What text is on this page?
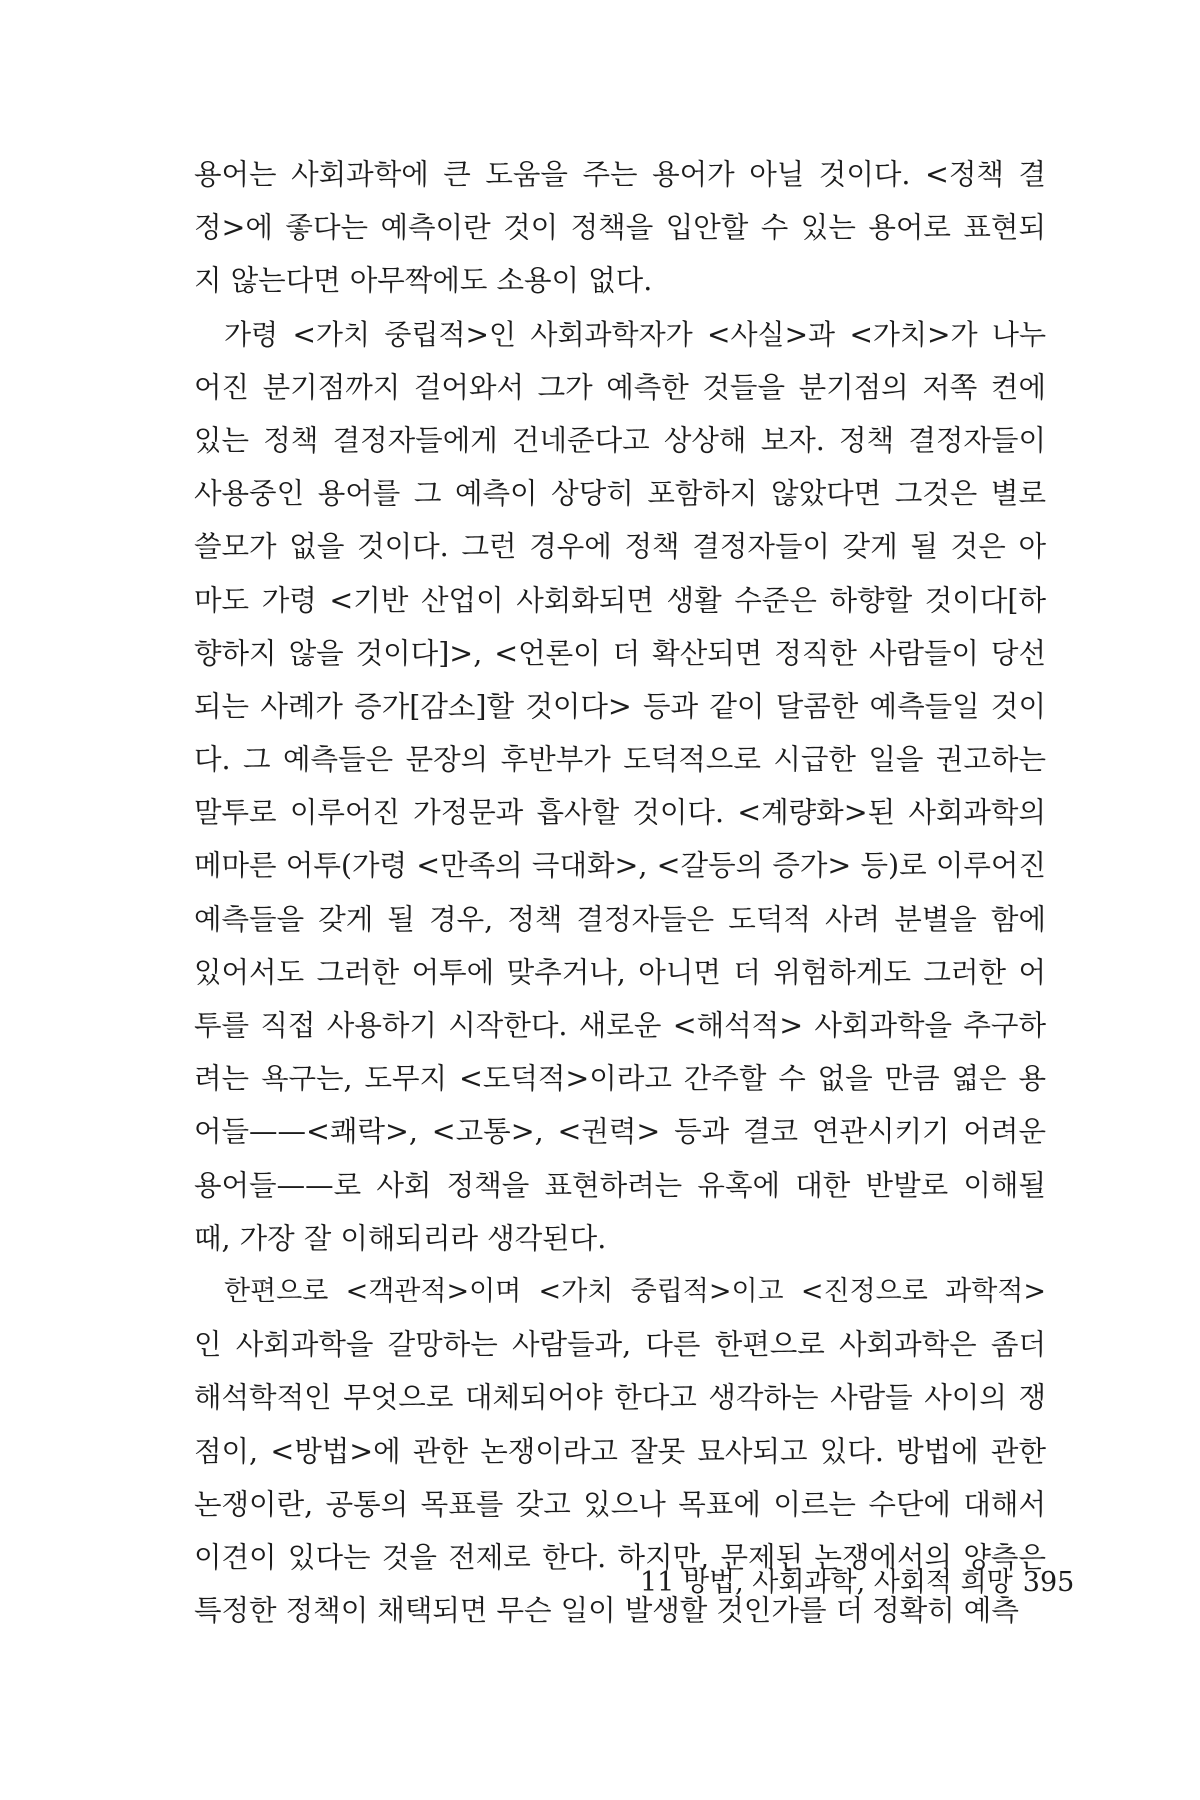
용어는 사회과학에 큰 도움을 주는 용어가 아닐 것이다. <정책 결
정>에 좋다는 예측이란 것이 정책을 입안할 수 있는 용어로 표현되
지 않는다면 아무짝에도 소용이 없다.
가령 <가치 중립적>인 사회과학자가 <사실>과 <가치>가 나누
어진 분기점까지 걸어와서 그가 예측한 것들을 분기점의 저쪽 켠에
있는 정책 결정자들에게 건네준다고 상상해 보자. 정책 결정자들이
사용중인 용어를 그 예측이 상당히 포함하지 않았다면 그것은 별로
쓸모가 없을 것이다. 그런 경우에 정책 결정자들이 갖게 될 것은 아
마도 가령 <기반 산업이 사회화되면 생활 수준은 하향할 것이다[하
향하지 않을 것이다]>, <언론이 더 확산되면 정직한 사람들이 당선
되는 사례가 증가[감소]할 것이다> 등과 같이 달콤한 예측들일 것이
다. 그 예측들은 문장의 후반부가 도덕적으로 시급한 일을 권고하는
말투로 이루어진 가정문과 흡사할 것이다. <계량화>된 사회과학의
메마른 어투(가령 <만족의 극대화>, <갈등의 증가> 등)로 이루어진
예측들을 갖게 될 경우, 정책 결정자들은 도덕적 사려 분별을 함에
있어서도 그러한 어투에 맞추거나, 아니면 더 위험하게도 그러한 어
투를 직접 사용하기 시작한다. 새로운 <해석적> 사회과학을 추구하
려는 욕구는, 도무지 <도덕적>이라고 간주할 수 없을 만큼 엷은 용
어들——<쾌락>, <고통>, <권력> 등과 결코 연관시키기 어려운
용어들——로 사회 정책을 표현하려는 유혹에 대한 반발로 이해될
때, 가장 잘 이해되리라 생각된다.
한편으로 <객관적>이며 <가치 중립적>이고 <진정으로 과학적>
인 사회과학을 갈망하는 사람들과, 다른 한편으로 사회과학은 좀더
해석학적인 무엇으로 대체되어야 한다고 생각하는 사람들 사이의 쟁
점이, <방법>에 관한 논쟁이라고 잘못 묘사되고 있다. 방법에 관한
논쟁이란, 공통의 목표를 갖고 있으나 목표에 이르는 수단에 대해서
이견이 있다는 것을 전제로 한다. 하지만, 문제된 논쟁에서의 양측은
특정한 정책이 채택되면 무슨 일이 발생할 것인가를 더 정확히 예측
11 방법, 사회과학, 사회적 희망 395
